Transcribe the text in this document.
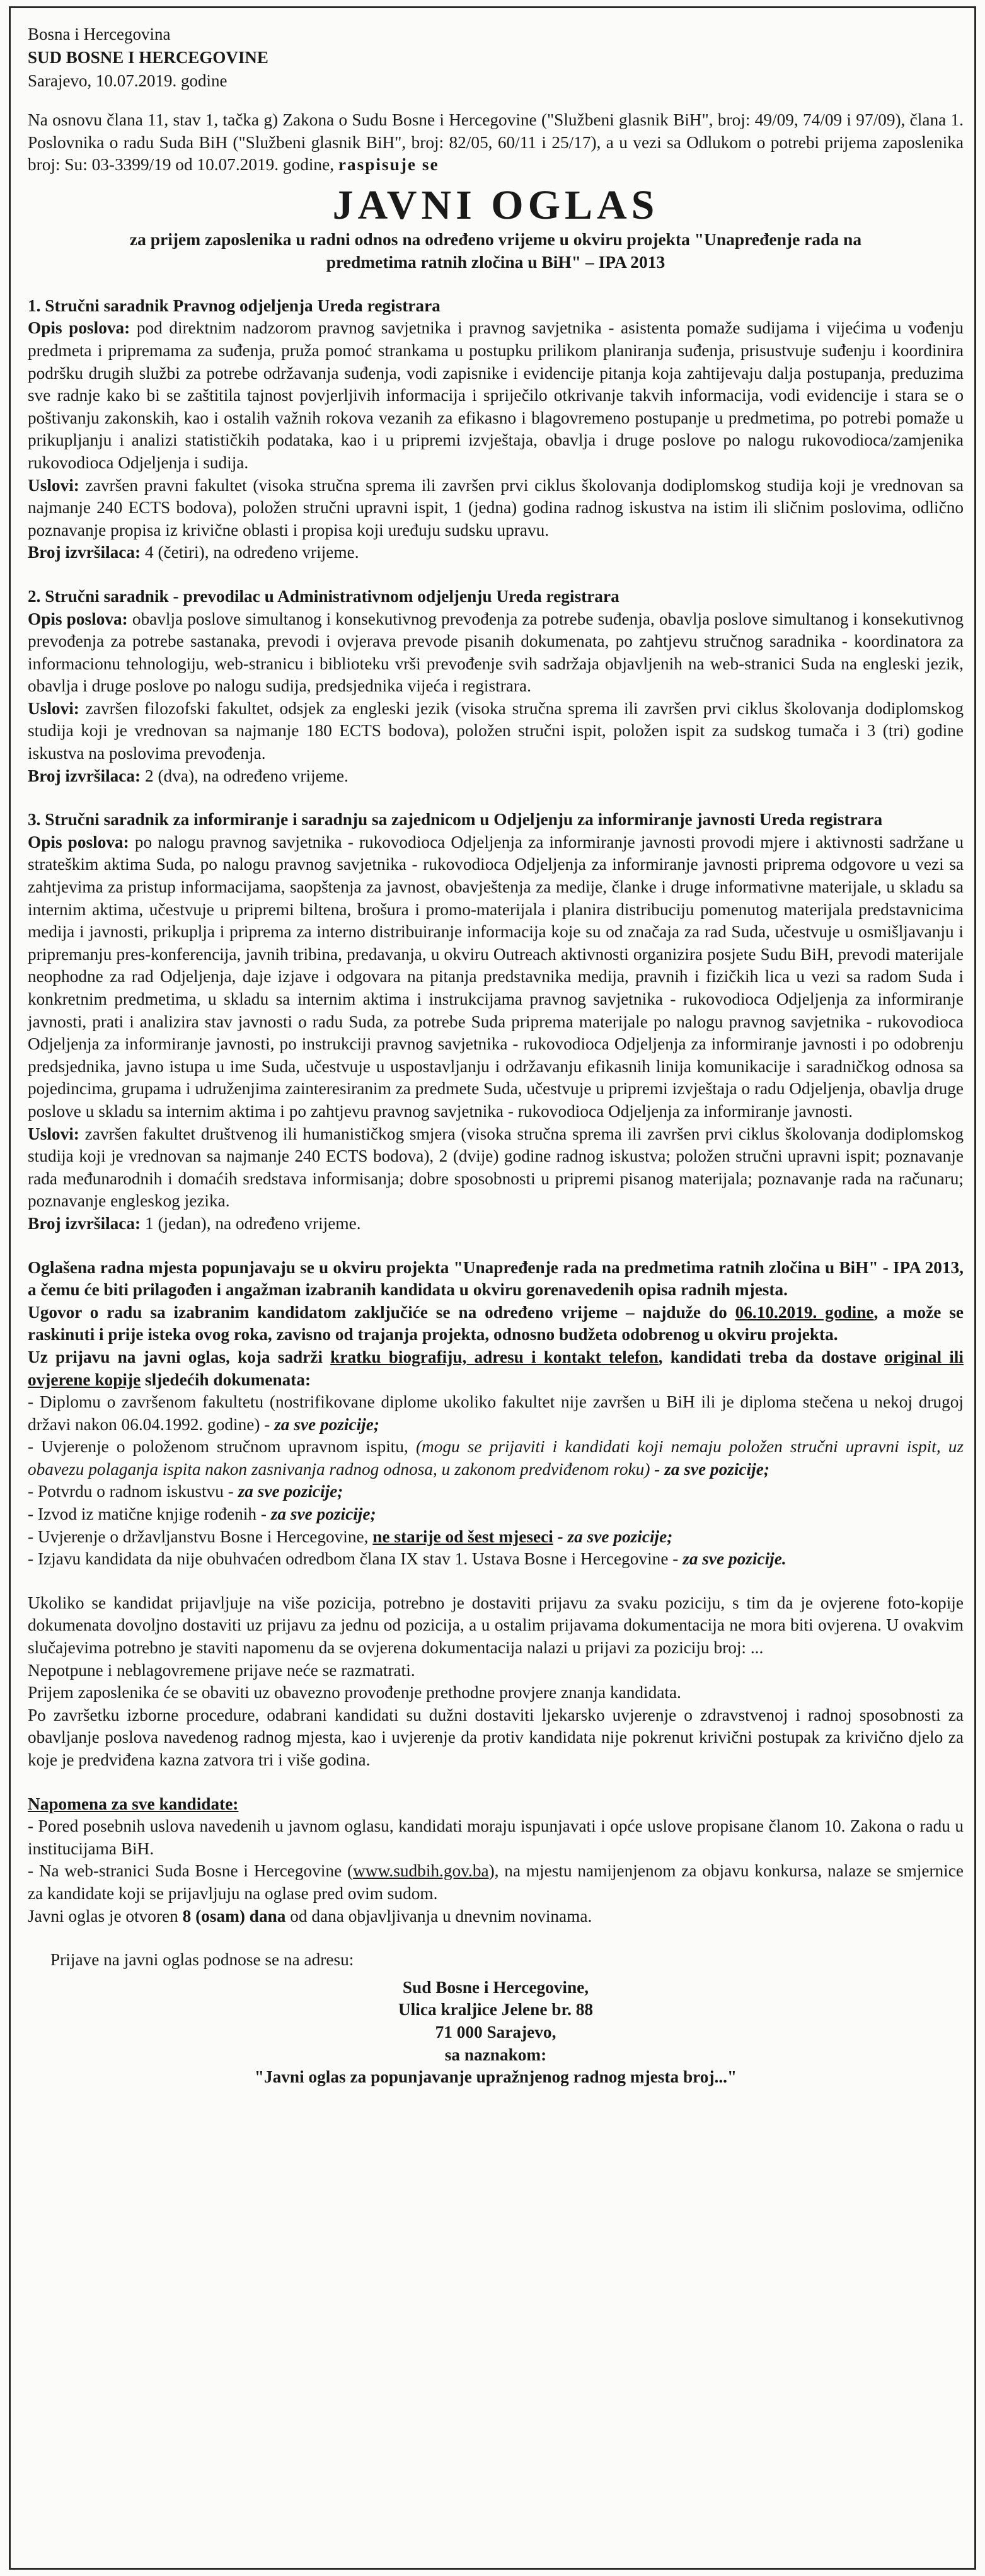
Bosna i Hercegovina

SUD BOSNE I HERCEGOVINE

Sarajevo, 10.07.2019. godine

Na osnovu člana 11, stav 1, tačka g) Zakona o Sudu Bosne i Hercegovine ("Službeni glasnik BiH", broj: 49/09, 74/09 i 97/09), člana 1. Poslovnika o radu Suda BiH ("Službeni glasnik BiH", broj: 82/05, 60/11 i 25/17), a u vezi sa Odlukom o potrebi prijema zaposlenika broj: Su: 03-3399/19 od 10.07.2019. godine, raspisuje se

JAVNI OGLAS

za prijem zaposlenika u radni odnos na određeno vrijeme u okviru projekta "Unapređenje rada na predmetima ratnih zločina u BiH" – IPA 2013

1. Stručni saradnik Pravnog odjeljenja Ureda registrara

Opis poslova: pod direktnim nadzorom pravnog savjetnika i pravnog savjetnika - asistenta pomaže sudijama i vijećima u vođenju predmeta i pripremama za suđenja, pruža pomoć strankama u postupku prilikom planiranja suđenja, prisustvuje suđenju i koordinira podršku drugih službi za potrebe održavanja suđenja, vodi zapisnike i evidencije pitanja koja zahtijevaju dalja postupanja, preduzima sve radnje kako bi se zaštitila tajnost povjerljivih informacija i spriječilo otkrivanje takvih informacija, vodi evidencije i stara se o poštivanju zakonskih, kao i ostalih važnih rokova vezanih za efikasno i blagovremeno postupanje u predmetima, po potrebi pomaže u prikupljanju i analizi statističkih podataka, kao i u pripremi izvještaja, obavlja i druge poslove po nalogu rukovodioca/zamjenika rukovodioca Odjeljenja i sudija.

Uslovi: završen pravni fakultet (visoka stručna sprema ili završen prvi ciklus školovanja dodiplomskog studija koji je vrednovan sa najmanje 240 ECTS bodova), položen stručni upravni ispit, 1 (jedna) godina radnog iskustva na istim ili sličnim poslovima, odlično poznavanje propisa iz krivične oblasti i propisa koji uređuju sudsku upravu.

Broj izvršilaca: 4 (četiri), na određeno vrijeme.

2. Stručni saradnik - prevodilac u Administrativnom odjeljenju Ureda registrara

Opis poslova: obavlja poslove simultanog i konsekutivnog prevođenja za potrebe suđenja, obavlja poslove simultanog i konsekutivnog prevođenja za potrebe sastanaka, prevodi i ovjerava prevode pisanih dokumenata, po zahtjevu stručnog saradnika - koordinatora za informacionu tehnologiju, web-stranicu i biblioteku vrši prevođenje svih sadržaja objavljenih na web-stranici Suda na engleski jezik, obavlja i druge poslove po nalogu sudija, predsjednika vijeća i registrara.

Uslovi: završen filozofski fakultet, odsjek za engleski jezik (visoka stručna sprema ili završen prvi ciklus školovanja dodiplomskog studija koji je vrednovan sa najmanje 180 ECTS bodova), položen stručni ispit, položen ispit za sudskog tumača i 3 (tri) godine iskustva na poslovima prevođenja.

Broj izvršilaca: 2 (dva), na određeno vrijeme.

3. Stručni saradnik za informiranje i saradnju sa zajednicom u Odjeljenju za informiranje javnosti Ureda registrara

Opis poslova: po nalogu pravnog savjetnika - rukovodioca Odjeljenja za informiranje javnosti provodi mjere i aktivnosti sadržane u strateškim aktima Suda, po nalogu pravnog savjetnika - rukovodioca Odjeljenja za informiranje javnosti priprema odgovore u vezi sa zahtjevima za pristup informacijama, saopštenja za javnost, obavještenja za medije, članke i druge informativne materijale, u skladu sa internim aktima, učestvuje u pripremi biltena, brošura i promo-materijala i planira distribuciju pomenutog materijala predstavnicima medija i javnosti, prikuplja i priprema za interno distribuiranje informacija koje su od značaja za rad Suda, učestvuje u osmišljavanju i pripremanju pres-konferencija, javnih tribina, predavanja, u okviru Outreach aktivnosti organizira posjete Sudu BiH, prevodi materijale neophodne za rad Odjeljenja, daje izjave i odgovara na pitanja predstavnika medija, pravnih i fizičkih lica u vezi sa radom Suda i konkretnim predmetima, u skladu sa internim aktima i instrukcijama pravnog savjetnika - rukovodioca Odjeljenja za informiranje javnosti, prati i analizira stav javnosti o radu Suda, za potrebe Suda priprema materijale po nalogu pravnog savjetnika - rukovodioca Odjeljenja za informiranje javnosti, po instrukciji pravnog savjetnika - rukovodioca Odjeljenja za informiranje javnosti i po odobrenju predsjednika, javno istupa u ime Suda, učestvuje u uspostavljanju i održavanju efikasnih linija komunikacije i saradničkog odnosa sa pojedincima, grupama i udruženjima zainteresiranim za predmete Suda, učestvuje u pripremi izvještaja o radu Odjeljenja, obavlja druge poslove u skladu sa internim aktima i po zahtjevu pravnog savjetnika - rukovodioca Odjeljenja za informiranje javnosti.

Uslovi: završen fakultet društvenog ili humanističkog smjera (visoka stručna sprema ili završen prvi ciklus školovanja dodiplomskog studija koji je vrednovan sa najmanje 240 ECTS bodova), 2 (dvije) godine radnog iskustva; položen stručni upravni ispit; poznavanje rada međunarodnih i domaćih sredstava informisanja; dobre sposobnosti u pripremi pisanog materijala; poznavanje rada na računaru; poznavanje engleskog jezika.

Broj izvršilaca: 1 (jedan), na određeno vrijeme.

Oglašena radna mjesta popunjavaju se u okviru projekta "Unapređenje rada na predmetima ratnih zločina u BiH" - IPA 2013, a čemu će biti prilagođen i angažman izabranih kandidata u okviru gorenavedenih opisa radnih mjesta.

Ugovor o radu sa izabranim kandidatom zaključiće se na određeno vrijeme – najduže do 06.10.2019. godine, a može se raskinuti i prije isteka ovog roka, zavisno od trajanja projekta, odnosno budžeta odobrenog u okviru projekta.

Uz prijavu na javni oglas, koja sadrži kratku biografiju, adresu i kontakt telefon, kandidati treba da dostave original ili ovjerene kopije sljedećih dokumenata:

- Diplomu o završenom fakultetu (nostrifikovane diplome ukoliko fakultet nije završen u BiH ili je diploma stečena u nekoj drugoj državi nakon 06.04.1992. godine) - za sve pozicije;
- Uvjerenje o položenom stručnom upravnom ispitu, (mogu se prijaviti i kandidati koji nemaju položen stručni upravni ispit, uz obavezu polaganja ispita nakon zasnivanja radnog odnosa, u zakonom predviđenom roku) - za sve pozicije;
- Potvrdu o radnom iskustvu - za sve pozicije;
- Izvod iz matične knjige rođenih - za sve pozicije;
- Uvjerenje o državljanstvu Bosne i Hercegovine, ne starije od šest mjeseci - za sve pozicije;
- Izjavu kandidata da nije obuhvaćen odredbom člana IX stav 1. Ustava Bosne i Hercegovine - za sve pozicije.

Ukoliko se kandidat prijavljuje na više pozicija, potrebno je dostaviti prijavu za svaku poziciju, s tim da je ovjerene foto-kopije dokumenata dovoljno dostaviti uz prijavu za jednu od pozicija, a u ostalim prijavama dokumentacija ne mora biti ovjerena. U ovakvim slučajevima potrebno je staviti napomenu da se ovjerena dokumentacija nalazi u prijavi za poziciju broj: ...

Nepotpune i neblagovremene prijave neće se razmatrati.

Prijem zaposlenika će se obaviti uz obavezno provođenje prethodne provjere znanja kandidata.

Po završetku izborne procedure, odabrani kandidati su dužni dostaviti ljekarsko uvjerenje o zdravstvenoj i radnoj sposobnosti za obavljanje poslova navedenog radnog mjesta, kao i uvjerenje da protiv kandidata nije pokrenut krivični postupak za krivično djelo za koje je predviđena kazna zatvora tri i više godina.

Napomena za sve kandidate:

- Pored posebnih uslova navedenih u javnom oglasu, kandidati moraju ispunjavati i opće uslove propisane članom 10. Zakona o radu u institucijama BiH.

- Na web-stranici Suda Bosne i Hercegovine (www.sudbih.gov.ba), na mjestu namijenjenom za objavu konkursa, nalaze se smjernice za kandidate koji se prijavljuju na oglase pred ovim sudom.

Javni oglas je otvoren 8 (osam) dana od dana objavljivanja u dnevnim novinama.

Prijave na javni oglas podnose se na adresu:

Sud Bosne i Hercegovine,

Ulica kraljice Jelene br. 88

71 000 Sarajevo,

sa naznakom:

"Javni oglas za popunjavanje upražnjenog radnog mjesta broj..."
